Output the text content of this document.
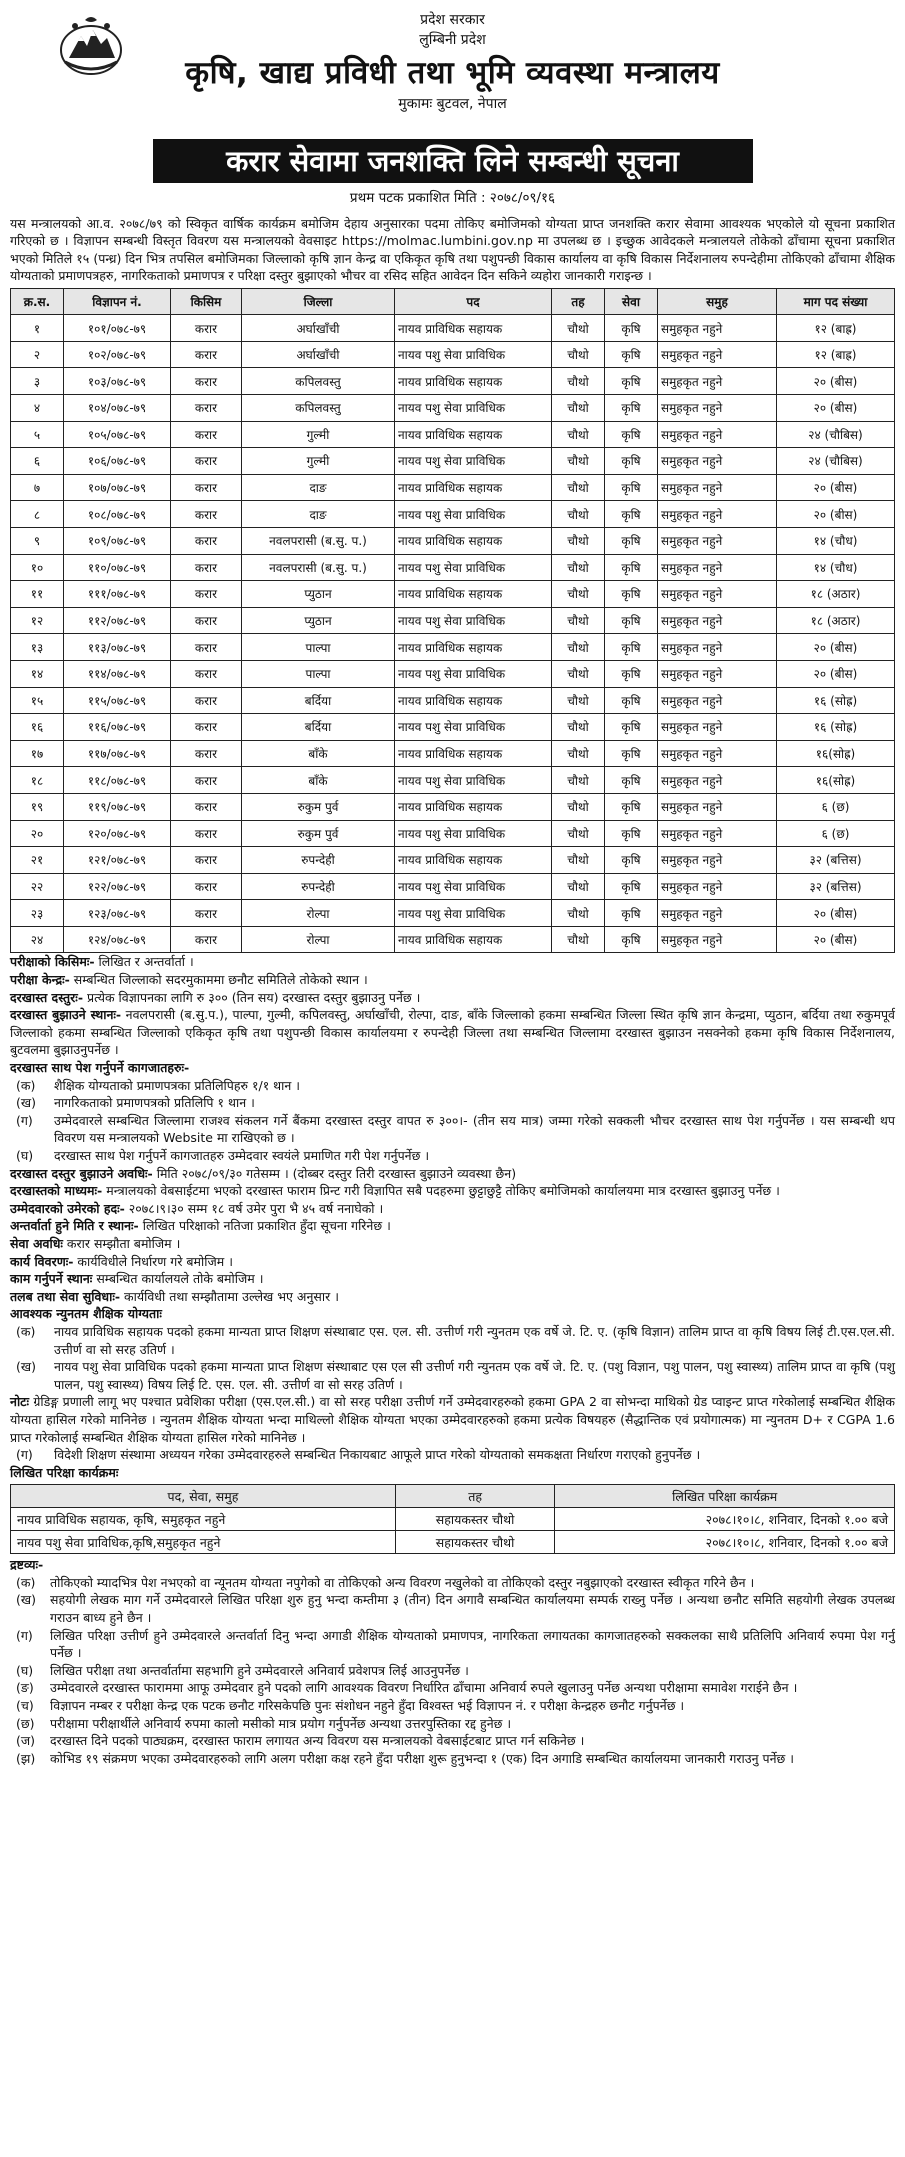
प्रदेश सरकार
लुम्बिनी प्रदेश
कृषि, खाद्य प्रविधी तथा भूमि व्यवस्था मन्त्रालय
मुकामः बुटवल, नेपाल
करार सेवामा जनशक्ति लिने सम्बन्धी सूचना
प्रथम पटक प्रकाशित मिति : २०७८/०९/१६
यस मन्त्रालयको आ.व. २०७८/७९ को स्विकृत वार्षिक कार्यक्रम बमोजिम देहाय अनुसारका पदमा तोकिए बमोजिमको योग्यता प्राप्त जनशक्ति करार सेवामा आवश्यक भएकोले यो सूचना प्रकाशित गरिएको छ । विज्ञापन सम्बन्धी विस्तृत विवरण यस मन्त्रालयको वेवसाइट https://molmac.lumbini.gov.np मा उपलब्ध छ । इच्छुक आवेदकले मन्त्रालयले तोकेको ढाँचामा सूचना प्रकाशित भएको मितिले १५ (पन्ध्र) दिन भित्र तपसिल बमोजिमका जिल्लाको कृषि ज्ञान केन्द्र वा एकिकृत कृषि तथा पशुपन्छी विकास कार्यालय वा कृषि विकास निर्देशनालय रुपन्देहीमा तोकिएको ढाँचामा शैक्षिक योग्यताको प्रमाणपत्रहरु, नागरिकताको प्रमाणपत्र र परिक्षा दस्तुर बुझाएको भौचर वा रसिद सहित आवेदन दिन सकिने व्यहोरा जानकारी गराइन्छ ।
क्र.स.	विज्ञापन नं.	किसिम	जिल्ला	पद	तह	सेवा	समुह	माग पद संख्या
१	१०१/०७८-७९	करार	अर्घाखाँची	नायव प्राविधिक सहायक	चौथो	कृषि	समुहकृत नहुने	१२ (बाह्र)
२	१०२/०७८-७९	करार	अर्घाखाँची	नायव पशु सेवा प्राविधिक	चौथो	कृषि	समुहकृत नहुने	१२ (बाह्र)
३	१०३/०७८-७९	करार	कपिलवस्तु	नायव प्राविधिक सहायक	चौथो	कृषि	समुहकृत नहुने	२० (बीस)
४	१०४/०७८-७९	करार	कपिलवस्तु	नायव पशु सेवा प्राविधिक	चौथो	कृषि	समुहकृत नहुने	२० (बीस)
५	१०५/०७८-७९	करार	गुल्मी	नायव प्राविधिक सहायक	चौथो	कृषि	समुहकृत नहुने	२४ (चौबिस)
६	१०६/०७८-७९	करार	गुल्मी	नायव पशु सेवा प्राविधिक	चौथो	कृषि	समुहकृत नहुने	२४ (चौबिस)
७	१०७/०७८-७९	करार	दाङ	नायव प्राविधिक सहायक	चौथो	कृषि	समुहकृत नहुने	२० (बीस)
८	१०८/०७८-७९	करार	दाङ	नायव पशु सेवा प्राविधिक	चौथो	कृषि	समुहकृत नहुने	२० (बीस)
९	१०९/०७८-७९	करार	नवलपरासी (ब.सु. प.)	नायव प्राविधिक सहायक	चौथो	कृषि	समुहकृत नहुने	१४ (चौध)
१०	११०/०७८-७९	करार	नवलपरासी (ब.सु. प.)	नायव पशु सेवा प्राविधिक	चौथो	कृषि	समुहकृत नहुने	१४ (चौध)
११	१११/०७८-७९	करार	प्युठान	नायव प्राविधिक सहायक	चौथो	कृषि	समुहकृत नहुने	१८ (अठार)
१२	११२/०७८-७९	करार	प्युठान	नायव पशु सेवा प्राविधिक	चौथो	कृषि	समुहकृत नहुने	१८ (अठार)
१३	११३/०७८-७९	करार	पाल्पा	नायव प्राविधिक सहायक	चौथो	कृषि	समुहकृत नहुने	२० (बीस)
१४	११४/०७८-७९	करार	पाल्पा	नायव पशु सेवा प्राविधिक	चौथो	कृषि	समुहकृत नहुने	२० (बीस)
१५	११५/०७८-७९	करार	बर्दिया	नायव प्राविधिक सहायक	चौथो	कृषि	समुहकृत नहुने	१६ (सोह्र)
१६	११६/०७८-७९	करार	बर्दिया	नायव पशु सेवा प्राविधिक	चौथो	कृषि	समुहकृत नहुने	१६ (सोह्र)
१७	११७/०७८-७९	करार	बाँके	नायव प्राविधिक सहायक	चौथो	कृषि	समुहकृत नहुने	१६(सोह्र)
१८	११८/०७८-७९	करार	बाँके	नायव पशु सेवा प्राविधिक	चौथो	कृषि	समुहकृत नहुने	१६(सोह्र)
१९	११९/०७८-७९	करार	रुकुम पुर्व	नायव प्राविधिक सहायक	चौथो	कृषि	समुहकृत नहुने	६ (छ)
२०	१२०/०७८-७९	करार	रुकुम पुर्व	नायव पशु सेवा प्राविधिक	चौथो	कृषि	समुहकृत नहुने	६ (छ)
२१	१२१/०७८-७९	करार	रुपन्देही	नायव प्राविधिक सहायक	चौथो	कृषि	समुहकृत नहुने	३२ (बत्तिस)
२२	१२२/०७८-७९	करार	रुपन्देही	नायव पशु सेवा प्राविधिक	चौथो	कृषि	समुहकृत नहुने	३२ (बत्तिस)
२३	१२३/०७८-७९	करार	रोल्पा	नायव पशु सेवा प्राविधिक	चौथो	कृषि	समुहकृत नहुने	२० (बीस)
२४	१२४/०७८-७९	करार	रोल्पा	नायव प्राविधिक सहायक	चौथो	कृषि	समुहकृत नहुने	२० (बीस)
परीक्षाको किसिमः- लिखित र अन्तर्वार्ता ।
परीक्षा केन्द्रः- सम्बन्धित जिल्लाको सदरमुकाममा छनौट समितिले तोकेको स्थान ।
दरखास्त दस्तुरः- प्रत्येक विज्ञापनका लागि रु ३०० (तिन सय) दरखास्त दस्तुर बुझाउनु पर्नेछ ।
दरखास्त बुझाउने स्थानः- नवलपरासी (ब.सु.प.), पाल्पा, गुल्मी, कपिलवस्तु, अर्घाखाँची, रोल्पा, दाङ, बाँके जिल्लाको हकमा सम्बन्धित जिल्ला स्थित कृषि ज्ञान केन्द्रमा, प्युठान, बर्दिया तथा रुकुमपूर्व जिल्लाको हकमा सम्बन्धित जिल्लाको एकिकृत कृषि तथा पशुपन्छी विकास कार्यालयमा र रुपन्देही जिल्ला तथा सम्बन्धित जिल्लामा दरखास्त बुझाउन नसक्नेको हकमा कृषि विकास निर्देशनालय, बुटवलमा बुझाउनुपर्नेछ ।
दरखास्त साथ पेश गर्नुपर्ने कागजातहरुः-
(क)	शैक्षिक योग्यताको प्रमाणपत्रका प्रतिलिपिहरु १/१ थान ।
(ख)	नागरिकताको प्रमाणपत्रको प्रतिलिपि १ थान ।
(ग)	उम्मेदवारले सम्बन्धित जिल्लामा राजश्व संकलन गर्ने बैंकमा दरखास्त दस्तुर वापत रु ३००।- (तीन सय मात्र) जम्मा गरेको सक्कली भौचर दरखास्त साथ पेश गर्नुपर्नेछ । यस सम्बन्धी थप विवरण यस मन्त्रालयको Website मा राखिएको छ ।
(घ)	दरखास्त साथ पेश गर्नुपर्ने कागजातहरु उम्मेदवार स्वयंले प्रमाणित गरी पेश गर्नुपर्नेछ ।
दरखास्त दस्तुर बुझाउने अवधिः- मिति २०७८/०९/३० गतेसम्म । (दोब्बर दस्तुर तिरी दरखास्त बुझाउने व्यवस्था छैन)
दरखास्तको माध्यमः- मन्त्रालयको वेबसाईटमा भएको दरखास्त फाराम प्रिन्ट गरी विज्ञापित सबै पदहरुमा छुट्टाछुट्टै तोकिए बमोजिमको कार्यालयमा मात्र दरखास्त बुझाउनु पर्नेछ ।
उम्मेदवारको उमेरको हदः- २०७८।९।३० सम्म १८ वर्ष उमेर पुरा भै ४५ वर्ष ननाघेको ।
अन्तर्वार्ता हुने मिति र स्थानः- लिखित परिक्षाको नतिजा प्रकाशित हुँदा सूचना गरिनेछ ।
सेवा अवधिः करार सम्झौता बमोजिम ।
कार्य विवरणः- कार्यविधीले निर्धारण गरे बमोजिम ।
काम गर्नुपर्ने स्थानः सम्बन्धित कार्यालयले तोके बमोजिम ।
तलब तथा सेवा सुविधाः- कार्यविधी तथा सम्झौतामा उल्लेख भए अनुसार ।
आवश्यक न्युनतम शैक्षिक योग्यताः
(क)	नायव प्राविधिक सहायक पदको हकमा मान्यता प्राप्त शिक्षण संस्थाबाट एस. एल. सी. उत्तीर्ण गरी न्युनतम एक वर्षे जे. टि. ए. (कृषि विज्ञान) तालिम प्राप्त वा कृषि विषय लिई टी.एस.एल.सी. उत्तीर्ण वा सो सरह उतिर्ण ।
(ख)	नायव पशु सेवा प्राविधिक पदको हकमा मान्यता प्राप्त शिक्षण संस्थाबाट एस एल सी उत्तीर्ण गरी न्युनतम एक वर्षे जे. टि. ए. (पशु विज्ञान, पशु पालन, पशु स्वास्थ्य) तालिम प्राप्त वा कृषि (पशु पालन, पशु स्वास्थ्य) विषय लिई टि. एस. एल. सी. उत्तीर्ण वा सो सरह उतिर्ण ।
नोटः ग्रेडिङ्ग प्रणाली लागू भए पश्चात प्रवेशिका परीक्षा (एस.एल.सी.) वा सो सरह परीक्षा उत्तीर्ण गर्ने उम्मेदवारहरुको हकमा GPA 2 वा सोभन्दा माथिको ग्रेड प्वाइन्ट प्राप्त गरेकोलाई सम्बन्धित शैक्षिक योग्यता हासिल गरेको मानिनेछ । न्युनतम शैक्षिक योग्यता भन्दा माथिल्लो शैक्षिक योग्यता भएका उम्मेदवारहरुको हकमा प्रत्येक विषयहरु (सैद्धान्तिक एवं प्रयोगात्मक) मा न्युनतम D+ र CGPA 1.6 प्राप्त गरेकोलाई सम्बन्धित शैक्षिक योग्यता हासिल गरेको मानिनेछ ।
(ग)	विदेशी शिक्षण संस्थामा अध्ययन गरेका उम्मेदवारहरुले सम्बन्धित निकायबाट आफूले प्राप्त गरेको योग्यताको समकक्षता निर्धारण गराएको हुनुपर्नेछ ।
लिखित परिक्षा कार्यक्रमः
पद, सेवा, समुह	तह	लिखित परिक्षा कार्यक्रम
नायव प्राविधिक सहायक, कृषि, समुहकृत नहुने	सहायकस्तर चौथो	२०७८।१०।८, शनिवार, दिनको १.०० बजे
नायव पशु सेवा प्राविधिक,कृषि,समुहकृत नहुने	सहायकस्तर चौथो	२०७८।१०।८, शनिवार, दिनको १.०० बजे
द्रष्टव्यः-
(क)	तोकिएको म्यादभित्र पेश नभएको वा न्यूनतम योग्यता नपुगेको वा तोकिएको अन्य विवरण नखुलेको वा तोकिएको दस्तुर नबुझाएको दरखास्त स्वीकृत गरिने छैन ।
(ख)	सहयोगी लेखक माग गर्ने उम्मेदवारले लिखित परिक्षा शुरु हुनु भन्दा कम्तीमा ३ (तीन) दिन अगावै सम्बन्धित कार्यालयमा सम्पर्क राख्नु पर्नेछ । अन्यथा छनौट समिति सहयोगी लेखक उपलब्ध गराउन बाध्य हुने छैन ।
(ग)	लिखित परिक्षा उत्तीर्ण हुने उम्मेदवारले अन्तर्वार्ता दिनु भन्दा अगाडी शैक्षिक योग्यताको प्रमाणपत्र, नागरिकता लगायतका कागजातहरुको सक्कलका साथै प्रतिलिपि अनिवार्य रुपमा पेश गर्नु पर्नेछ ।
(घ)	लिखित परीक्षा तथा अन्तर्वार्तामा सहभागि हुने उम्मेदवारले अनिवार्य प्रवेशपत्र लिई आउनुपर्नेछ ।
(ङ)	उम्मेदवारले दरखास्त फाराममा आफू उम्मेदवार हुने पदको लागि आवश्यक विवरण निर्धारित ढाँचामा अनिवार्य रुपले खुलाउनु पर्नेछ अन्यथा परीक्षामा समावेश गराईने छैन ।
(च)	विज्ञापन नम्बर र परीक्षा केन्द्र एक पटक छनौट गरिसकेपछि पुनः संशोधन नहुने हुँदा विश्वस्त भई विज्ञापन नं. र परीक्षा केन्द्रहरु छनौट गर्नुपर्नेछ ।
(छ)	परीक्षामा परीक्षार्थीले अनिवार्य रुपमा कालो मसीको मात्र प्रयोग गर्नुपर्नेछ अन्यथा उत्तरपुस्तिका रद्द हुनेछ ।
(ज)	दरखास्त दिने पदको पाठ्यक्रम, दरखास्त फाराम लगायत अन्य विवरण यस मन्त्रालयको वेबसाईटबाट प्राप्त गर्न सकिनेछ ।
(झ)	कोभिड १९ संक्रमण भएका उम्मेदवारहरुको लागि अलग परीक्षा कक्ष रहने हुँदा परीक्षा शुरू हुनुभन्दा १ (एक) दिन अगाडि सम्बन्धित कार्यालयमा जानकारी गराउनु पर्नेछ ।
